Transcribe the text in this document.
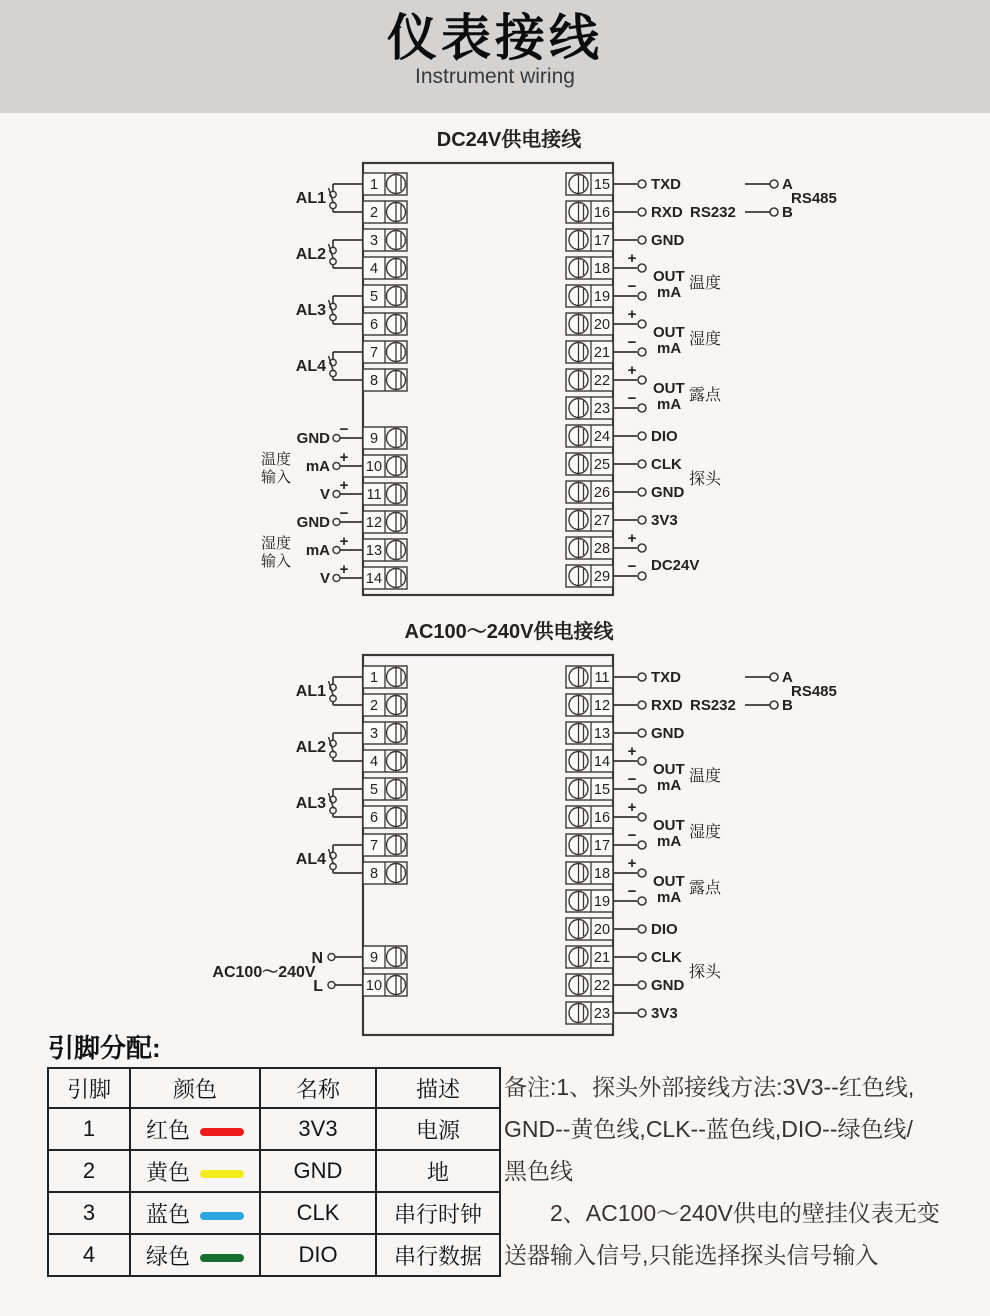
仪表接线
Instrument wiring
DC24V供电接线
AL1
1
2
AL2
3
4
AL3
5
6
AL4
7
8
GND
−
9
mA
+
10
V
+
11
温度
输入
GND
−
12
mA
+
13
V
+
14
湿度
输入
15	TXD
16	RXD
17	GND
18
+
19
−
20
+
21
−
22
+
23
−
24	DIO
25	CLK
26	GND
27	3V3
28
+
29
−
OUT
mA
温度
OUT
mA
湿度
OUT
mA
露点
DC24V
RS232
A
B
RS485
探头
AC100～240V供电接线
AL1
1
2
AL2
3
4
AL3
5
6
AL4
7
8
N	9
L	10
AC100～240V
11	TXD
12	RXD
13	GND
14
+
15
−
16
+
17
−
18
+
19
−
20	DIO
21	CLK
22	GND
23	3V3
OUT
mA
温度
OUT
mA
湿度
OUT
mA
露点
RS232
A
B
RS485
探头
引脚分配:
引脚	颜色	名称	描述
1	红色	3V3	电源
2	黄色	GND	地
3	蓝色	CLK	串行时钟
4	绿色	DIO	串行数据
备注:1、探头外部接线方法:3V3--红色线,
GND--黄色线,CLK--蓝色线,DIO--绿色线/
黑色线
　　2、AC100～240V供电的壁挂仪表无变
送器输入信号,只能选择探头信号输入
